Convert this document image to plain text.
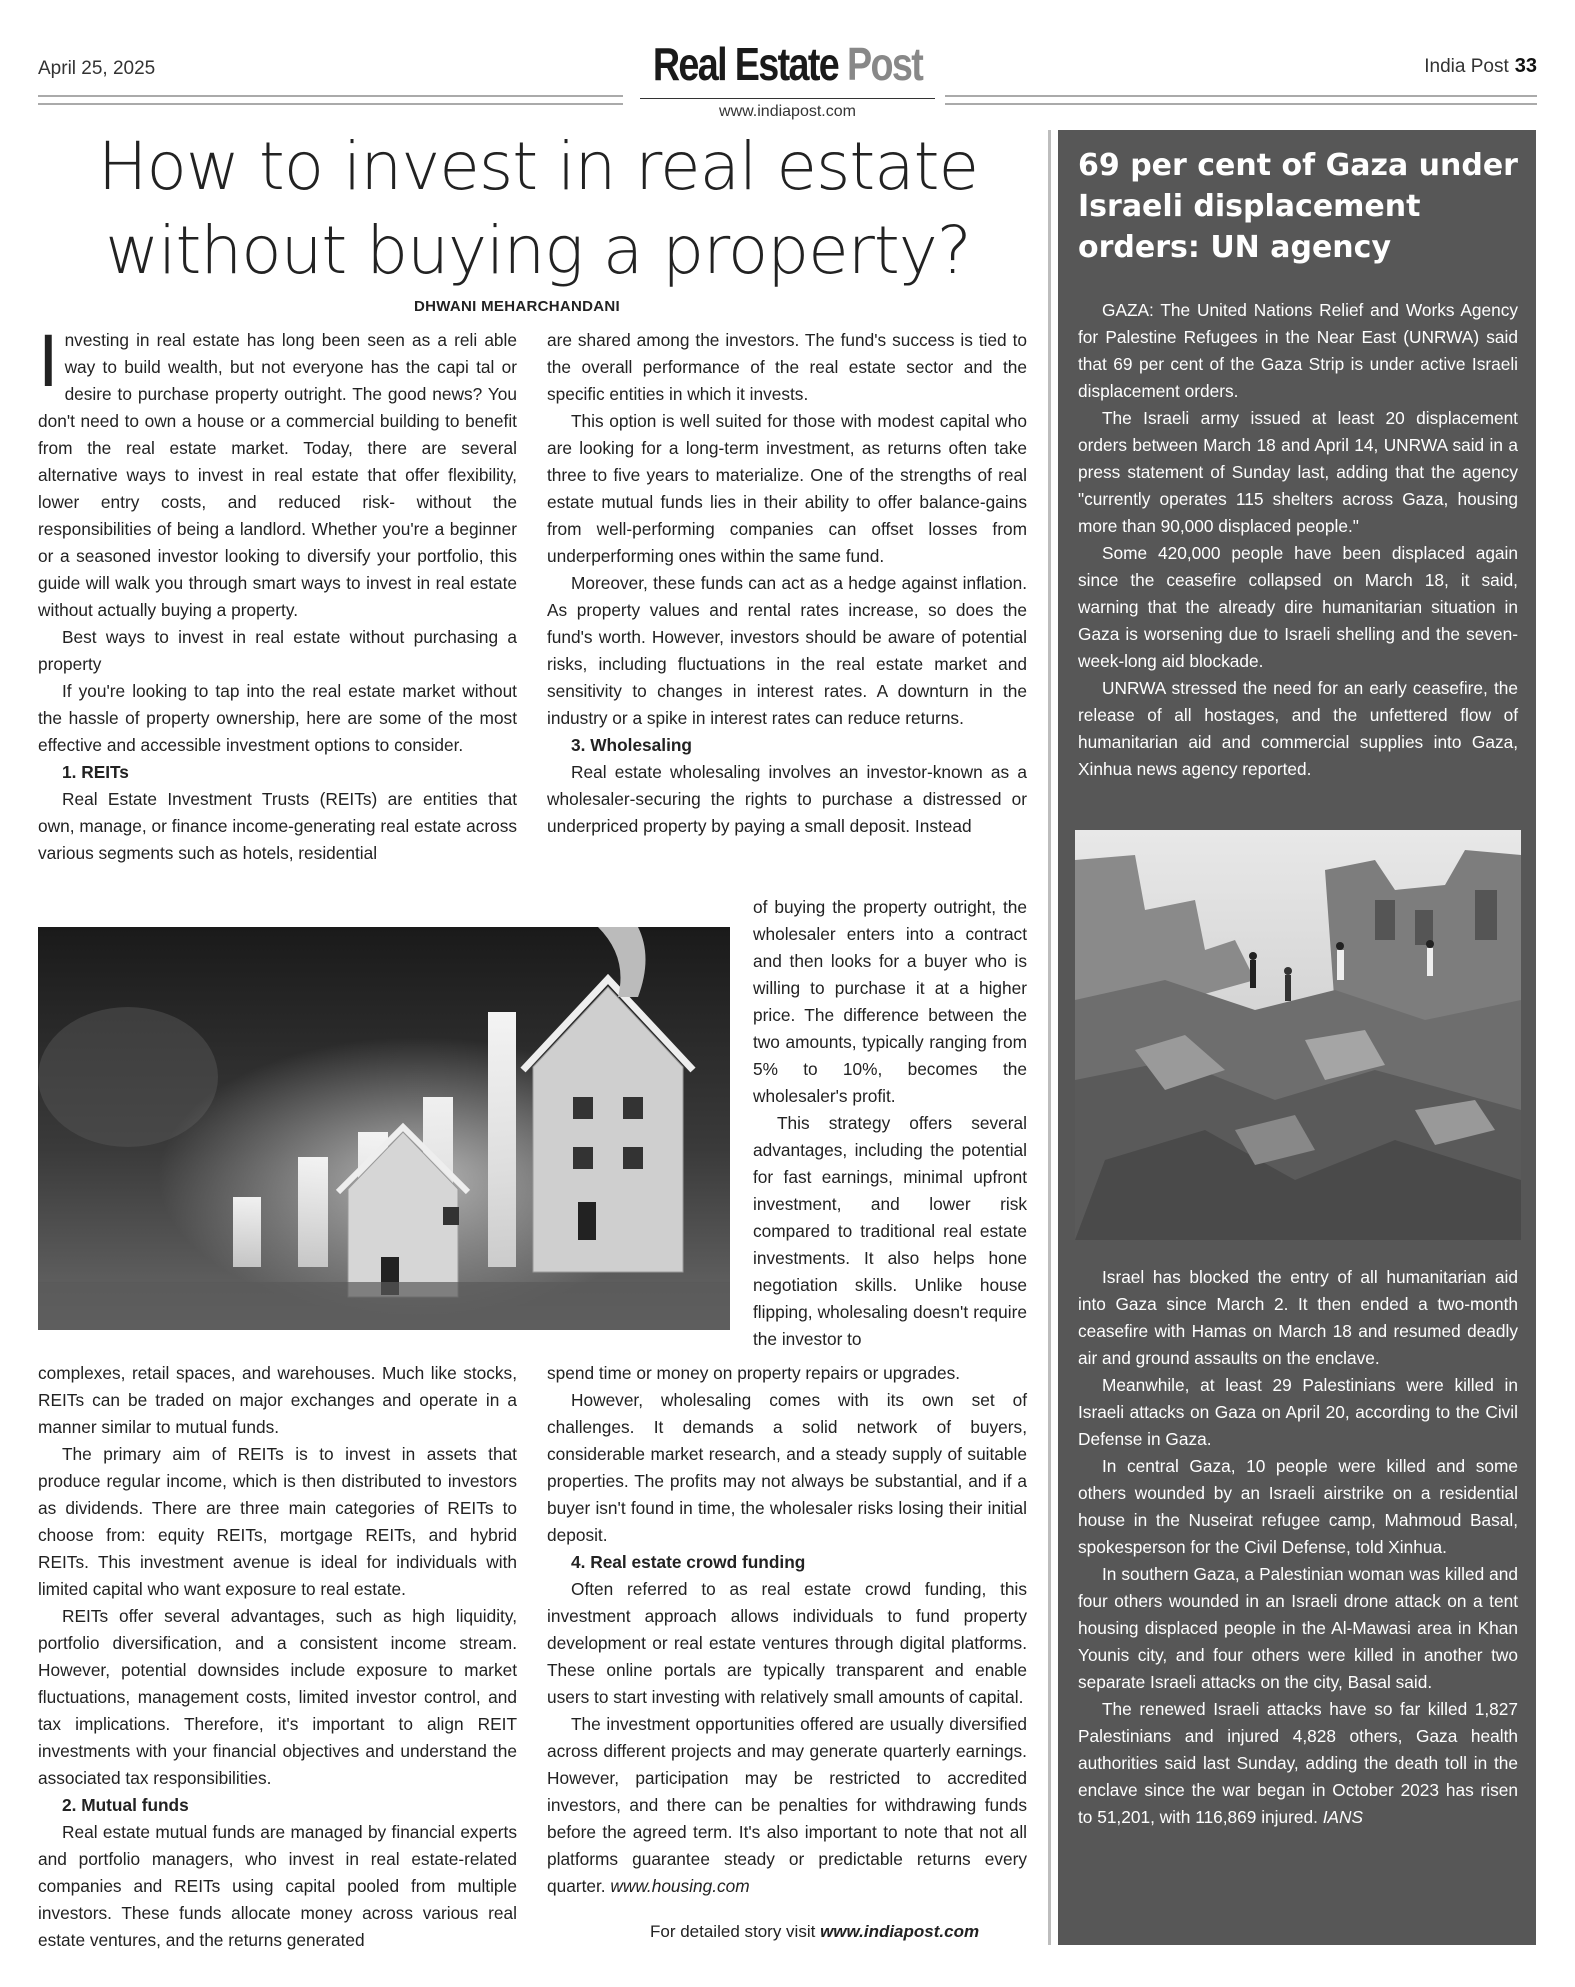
April 25, 2025	Real Estate Post	India Post 33
www.indiapost.com
How to invest in real estate
without buying a property?
DHWANI MEHARCHANDANI

Investing in real estate has long been seen as a reli able way to build wealth, but not everyone has the capi tal or desire to purchase property outright. The good news? You don't need to own a house or a commercial building to benefit from the real estate market. Today, there are several alternative ways to invest in real estate that offer flexibility, lower entry costs, and reduced risk- without the responsibilities of being a landlord. Whether you're a beginner or a seasoned investor looking to diversify your portfolio, this guide will walk you through smart ways to invest in real estate without actually buying a property.

Best ways to invest in real estate without purchasing a property

If you're looking to tap into the real estate market without the hassle of property ownership, here are some of the most effective and accessible investment options to consider.

1. REITs

Real Estate Investment Trusts (REITs) are entities that own, manage, or finance income-generating real estate across various segments such as hotels, residential

are shared among the investors. The fund's success is tied to the overall performance of the real estate sector and the specific entities in which it invests.

This option is well suited for those with modest capital who are looking for a long-term investment, as returns often take three to five years to materialize. One of the strengths of real estate mutual funds lies in their ability to offer balance-gains from well-performing companies can offset losses from underperforming ones within the same fund.

Moreover, these funds can act as a hedge against inflation. As property values and rental rates increase, so does the fund's worth. However, investors should be aware of potential risks, including fluctuations in the real estate market and sensitivity to changes in interest rates. A downturn in the industry or a spike in interest rates can reduce returns.

3. Wholesaling

Real estate wholesaling involves an investor-known as a wholesaler-securing the rights to purchase a distressed or underpriced property by paying a small deposit. Instead

of buying the property outright, the wholesaler enters into a contract and then looks for a buyer who is willing to purchase it at a higher price. The difference between the two amounts, typically ranging from 5% to 10%, becomes the wholesaler's profit.

This strategy offers several advantages, including the potential for fast earnings, minimal upfront investment, and lower risk compared to traditional real estate investments. It also helps hone negotiation skills. Unlike house flipping, wholesaling doesn't require the investor to

complexes, retail spaces, and warehouses. Much like stocks, REITs can be traded on major exchanges and operate in a manner similar to mutual funds.

The primary aim of REITs is to invest in assets that produce regular income, which is then distributed to investors as dividends. There are three main categories of REITs to choose from: equity REITs, mortgage REITs, and hybrid REITs. This investment avenue is ideal for individuals with limited capital who want exposure to real estate.

REITs offer several advantages, such as high liquidity, portfolio diversification, and a consistent income stream. However, potential downsides include exposure to market fluctuations, management costs, limited investor control, and tax implications. Therefore, it's important to align REIT investments with your financial objectives and understand the associated tax responsibilities.

2. Mutual funds

Real estate mutual funds are managed by financial experts and portfolio managers, who invest in real estate-related companies and REITs using capital pooled from multiple investors. These funds allocate money across various real estate ventures, and the returns generated

spend time or money on property repairs or upgrades.

However, wholesaling comes with its own set of challenges. It demands a solid network of buyers, considerable market research, and a steady supply of suitable properties. The profits may not always be substantial, and if a buyer isn't found in time, the wholesaler risks losing their initial deposit.

4. Real estate crowd funding

Often referred to as real estate crowd funding, this investment approach allows individuals to fund property development or real estate ventures through digital platforms. These online portals are typically transparent and enable users to start investing with relatively small amounts of capital.

The investment opportunities offered are usually diversified across different projects and may generate quarterly earnings. However, participation may be restricted to accredited investors, and there can be penalties for withdrawing funds before the agreed term. It's also important to note that not all platforms guarantee steady or predictable returns every quarter. www.housing.com

For detailed story visit www.indiapost.com
69 per cent of Gaza under Israeli displacement orders: UN agency

GAZA: The United Nations Relief and Works Agency for Palestine Refugees in the Near East (UNRWA) said that 69 per cent of the Gaza Strip is under active Israeli displacement orders.

The Israeli army issued at least 20 displacement orders between March 18 and April 14, UNRWA said in a press statement of Sunday last, adding that the agency "currently operates 115 shelters across Gaza, housing more than 90,000 displaced people."

Some 420,000 people have been displaced again since the ceasefire collapsed on March 18, it said, warning that the already dire humanitarian situation in Gaza is worsening due to Israeli shelling and the seven-week-long aid blockade.

UNRWA stressed the need for an early ceasefire, the release of all hostages, and the unfettered flow of humanitarian aid and commercial supplies into Gaza, Xinhua news agency reported.

Israel has blocked the entry of all humanitarian aid into Gaza since March 2. It then ended a two-month ceasefire with Hamas on March 18 and resumed deadly air and ground assaults on the enclave.

Meanwhile, at least 29 Palestinians were killed in Israeli attacks on Gaza on April 20, according to the Civil Defense in Gaza.

In central Gaza, 10 people were killed and some others wounded by an Israeli airstrike on a residential house in the Nuseirat refugee camp, Mahmoud Basal, spokesperson for the Civil Defense, told Xinhua.

In southern Gaza, a Palestinian woman was killed and four others wounded in an Israeli drone attack on a tent housing displaced people in the Al-Mawasi area in Khan Younis city, and four others were killed in another two separate Israeli attacks on the city, Basal said.

The renewed Israeli attacks have so far killed 1,827 Palestinians and injured 4,828 others, Gaza health authorities said last Sunday, adding the death toll in the enclave since the war began in October 2023 has risen to 51,201, with 116,869 injured. IANS
